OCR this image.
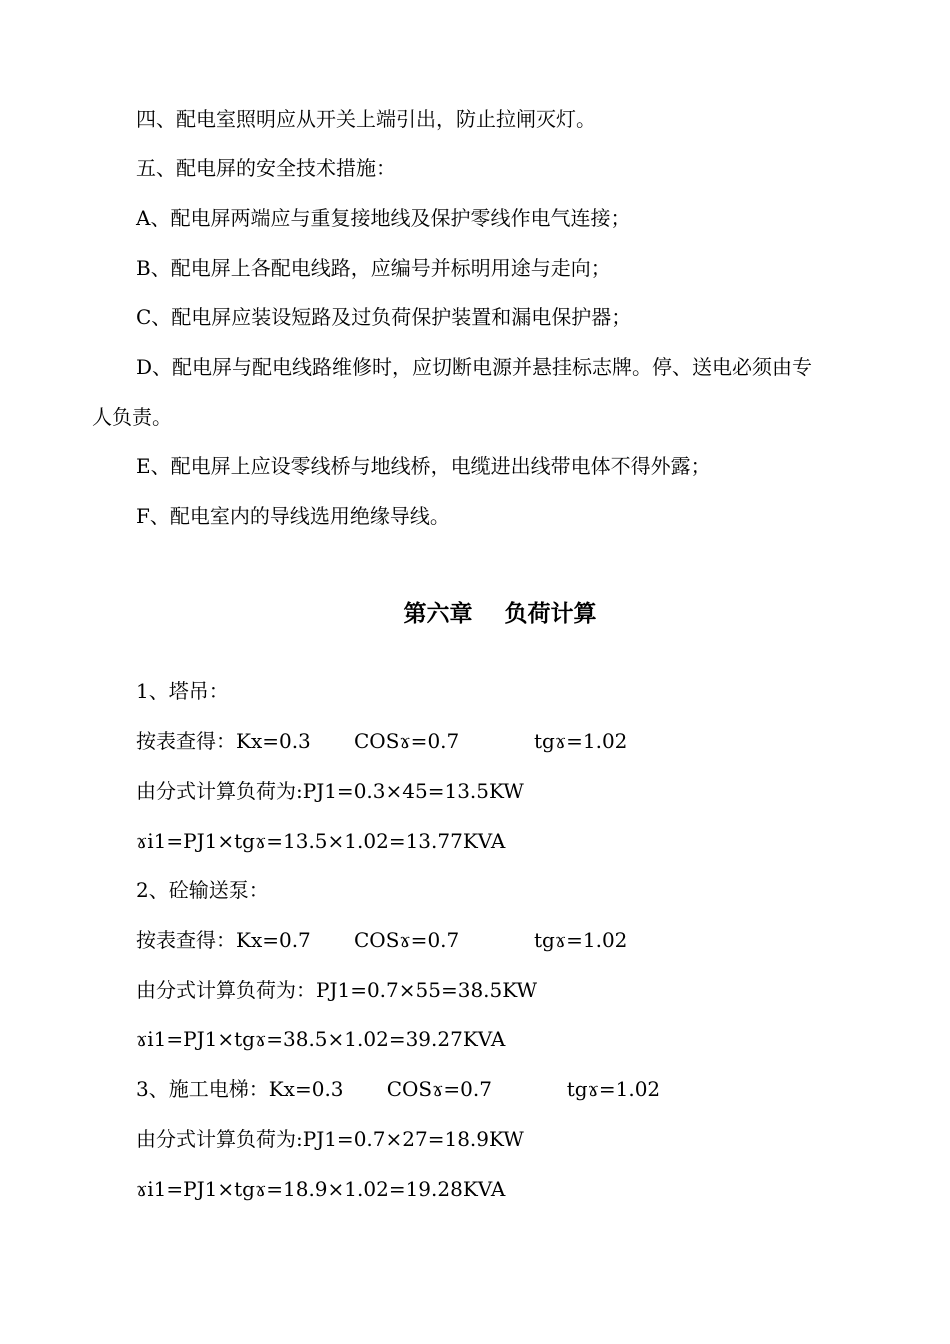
四、配电室照明应从开关上端引出，防止拉闸灭灯。
五、配电屏的安全技术措施：
A、配电屏两端应与重复接地线及保护零线作电气连接；
B、配电屏上各配电线路，应编号并标明用途与走向；
C、配电屏应装设短路及过负荷保护装置和漏电保护器；
D、配电屏与配电线路维修时，应切断电源并悬挂标志牌。停、送电必须由专
人负责。
E、配电屏上应设零线桥与地线桥，电缆进出线带电体不得外露；
F、配电室内的导线选用绝缘导线。
第六章 负荷计算
1、塔吊：
按表查得：Kx=0.3 COSɤ=0.7	tgɤ=1.02
由分式计算负荷为:PJ1=0.3×45=13.5KW
ɤi1=PJ1×tgɤ=13.5×1.02=13.77KVA
2、砼输送泵：
按表查得：Kx=0.7 COSɤ=0.7	tgɤ=1.02
由分式计算负荷为：PJ1=0.7×55=38.5KW
ɤi1=PJ1×tgɤ=38.5×1.02=39.27KVA
3、施工电梯：Kx=0.3 COSɤ=0.7	tgɤ=1.02
由分式计算负荷为:PJ1=0.7×27=18.9KW
ɤi1=PJ1×tgɤ=18.9×1.02=19.28KVA
